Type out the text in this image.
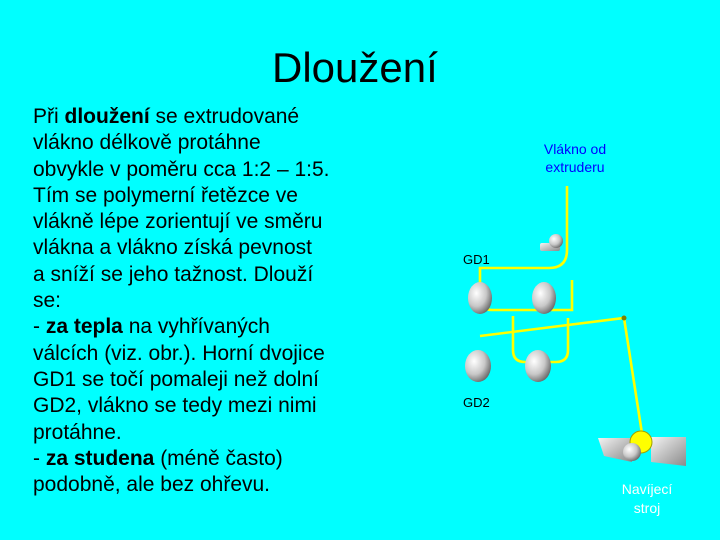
Dloužení
Při dloužení se extrudované
vlákno délkově protáhne
obvykle v poměru cca 1:2 – 1:5.
Tím se polymerní řetězce ve
vlákně lépe zorientují ve směru
vlákna a vlákno získá pevnost
a sníží se jeho tažnost. Dlouží
se:
- za tepla na vyhřívaných
válcích (viz. obr.). Horní dvojice
GD1 se točí pomaleji než dolní
GD2, vlákno se tedy mezi nimi
protáhne.
- za studena (méně často)
podobně, ale bez ohřevu.
Vlákno od
extruderu
GD1
GD2
Navíjecí
stroj
